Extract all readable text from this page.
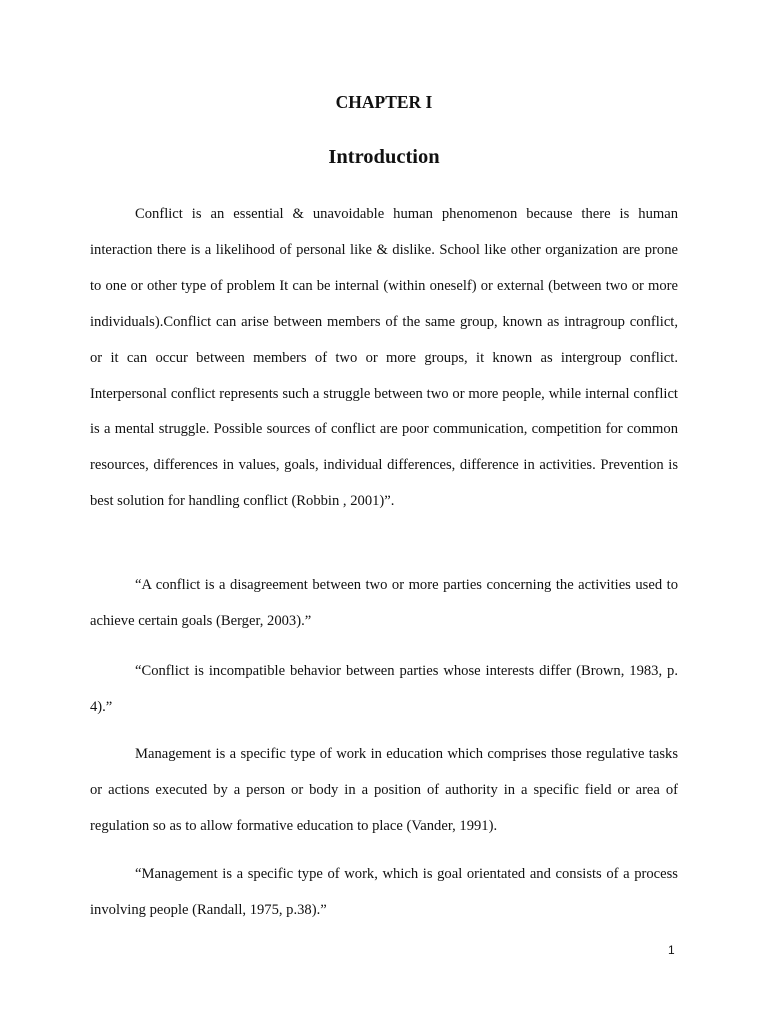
CHAPTER I
Introduction

Conflict is an essential & unavoidable human phenomenon because there is human interaction there is a likelihood of personal like & dislike. School like other organization are prone to one or other type of problem It can be internal (within oneself) or external (between two or more individuals).Conflict can arise between members of the same group, known as intragroup conflict, or it can occur between members of two or more groups, it known as intergroup conflict. Interpersonal conflict represents such a struggle between two or more people, while internal conflict is a mental struggle. Possible sources of conflict are poor communication, competition for common resources, differences in values, goals, individual differences, difference in activities. Prevention is best solution for handling conflict (Robbin , 2001)”.

“A conflict is a disagreement between two or more parties concerning the activities used to achieve certain goals (Berger, 2003).”

“Conflict is incompatible behavior between parties whose interests differ (Brown, 1983, p. 4).”

Management is a specific type of work in education which comprises those regulative tasks or actions executed by a person or body in a position of authority in a specific field or area of regulation so as to allow formative education to place (Vander, 1991).

“Management is a specific type of work, which is goal orientated and consists of a process involving people (Randall, 1975, p.38).”

1
